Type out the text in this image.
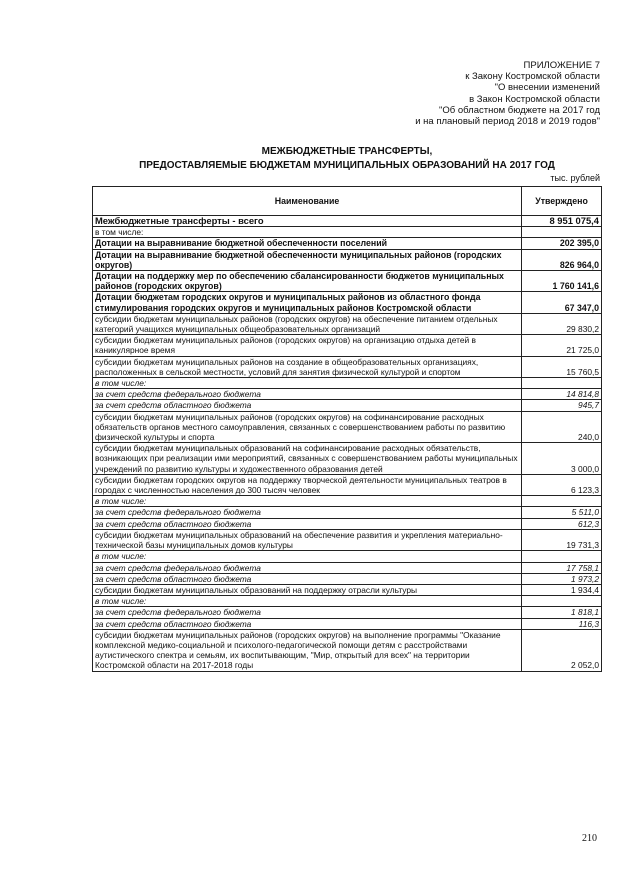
ПРИЛОЖЕНИЕ 7
к Закону Костромской области
"О внесении изменений
в Закон Костромской области
"Об областном бюджете на 2017 год
и на плановый период 2018 и 2019 годов"
МЕЖБЮДЖЕТНЫЕ ТРАНСФЕРТЫ,
ПРЕДОСТАВЛЯЕМЫЕ БЮДЖЕТАМ МУНИЦИПАЛЬНЫХ ОБРАЗОВАНИЙ НА 2017 ГОД
тыс. рублей
Наименование	Утверждено
Межбюджетные трансферты - всего	8 951 075,4
в том числе:	
Дотации на выравнивание бюджетной обеспеченности поселений	202 395,0
Дотации на выравнивание бюджетной обеспеченности муниципальных районов (городских округов)	826 964,0
Дотации на поддержку мер по обеспечению сбалансированности бюджетов муниципальных районов (городских округов)	1 760 141,6
Дотации бюджетам городских округов и муниципальных районов из областного фонда стимулирования городских округов и муниципальных районов Костромской области	67 347,0
субсидии бюджетам муниципальных районов (городских округов) на обеспечение питанием отдельных категорий учащихся муниципальных общеобразовательных организаций	29 830,2
субсидии бюджетам муниципальных районов (городских округов) на организацию отдыха детей в каникулярное время	21 725,0
субсидии бюджетам муниципальных районов на создание в общеобразовательных организациях, расположенных в сельской местности, условий для занятия физической культурой и спортом	15 760,5
в том числе:	
за счет средств федерального бюджета	14 814,8
за счет средств областного бюджета	945,7
субсидии бюджетам муниципальных районов (городских округов) на софинансирование расходных обязательств органов местного самоуправления, связанных с совершенствованием работы по развитию физической культуры и спорта	240,0
субсидии бюджетам муниципальных образований на софинансирование расходных обязательств, возникающих при реализации ими мероприятий, связанных с совершенствованием работы муниципальных учреждений по развитию культуры и художественного образования детей	3 000,0
субсидии бюджетам городских округов на поддержку творческой деятельности муниципальных театров в городах с численностью населения до 300 тысяч человек	6 123,3
в том числе:	
за счет средств федерального бюджета	5 511,0
за счет средств областного бюджета	612,3
субсидии бюджетам муниципальных образований на обеспечение развития и укрепления материально-технической базы муниципальных домов культуры	19 731,3
в том числе:	
за счет средств федерального бюджета	17 758,1
за счет средств областного бюджета	1 973,2
субсидии бюджетам муниципальных образований на поддержку отрасли культуры	1 934,4
в том числе:	
за счет средств федерального бюджета	1 818,1
за счет средств областного бюджета	116,3
субсидии бюджетам муниципальных районов (городских округов) на выполнение программы "Оказание комплексной медико-социальной и психолого-педагогической помощи детям с расстройствами аутистического спектра и семьям, их воспитывающим, "Мир, открытый для всех" на территории Костромской области на 2017-2018 годы	2 052,0
210
